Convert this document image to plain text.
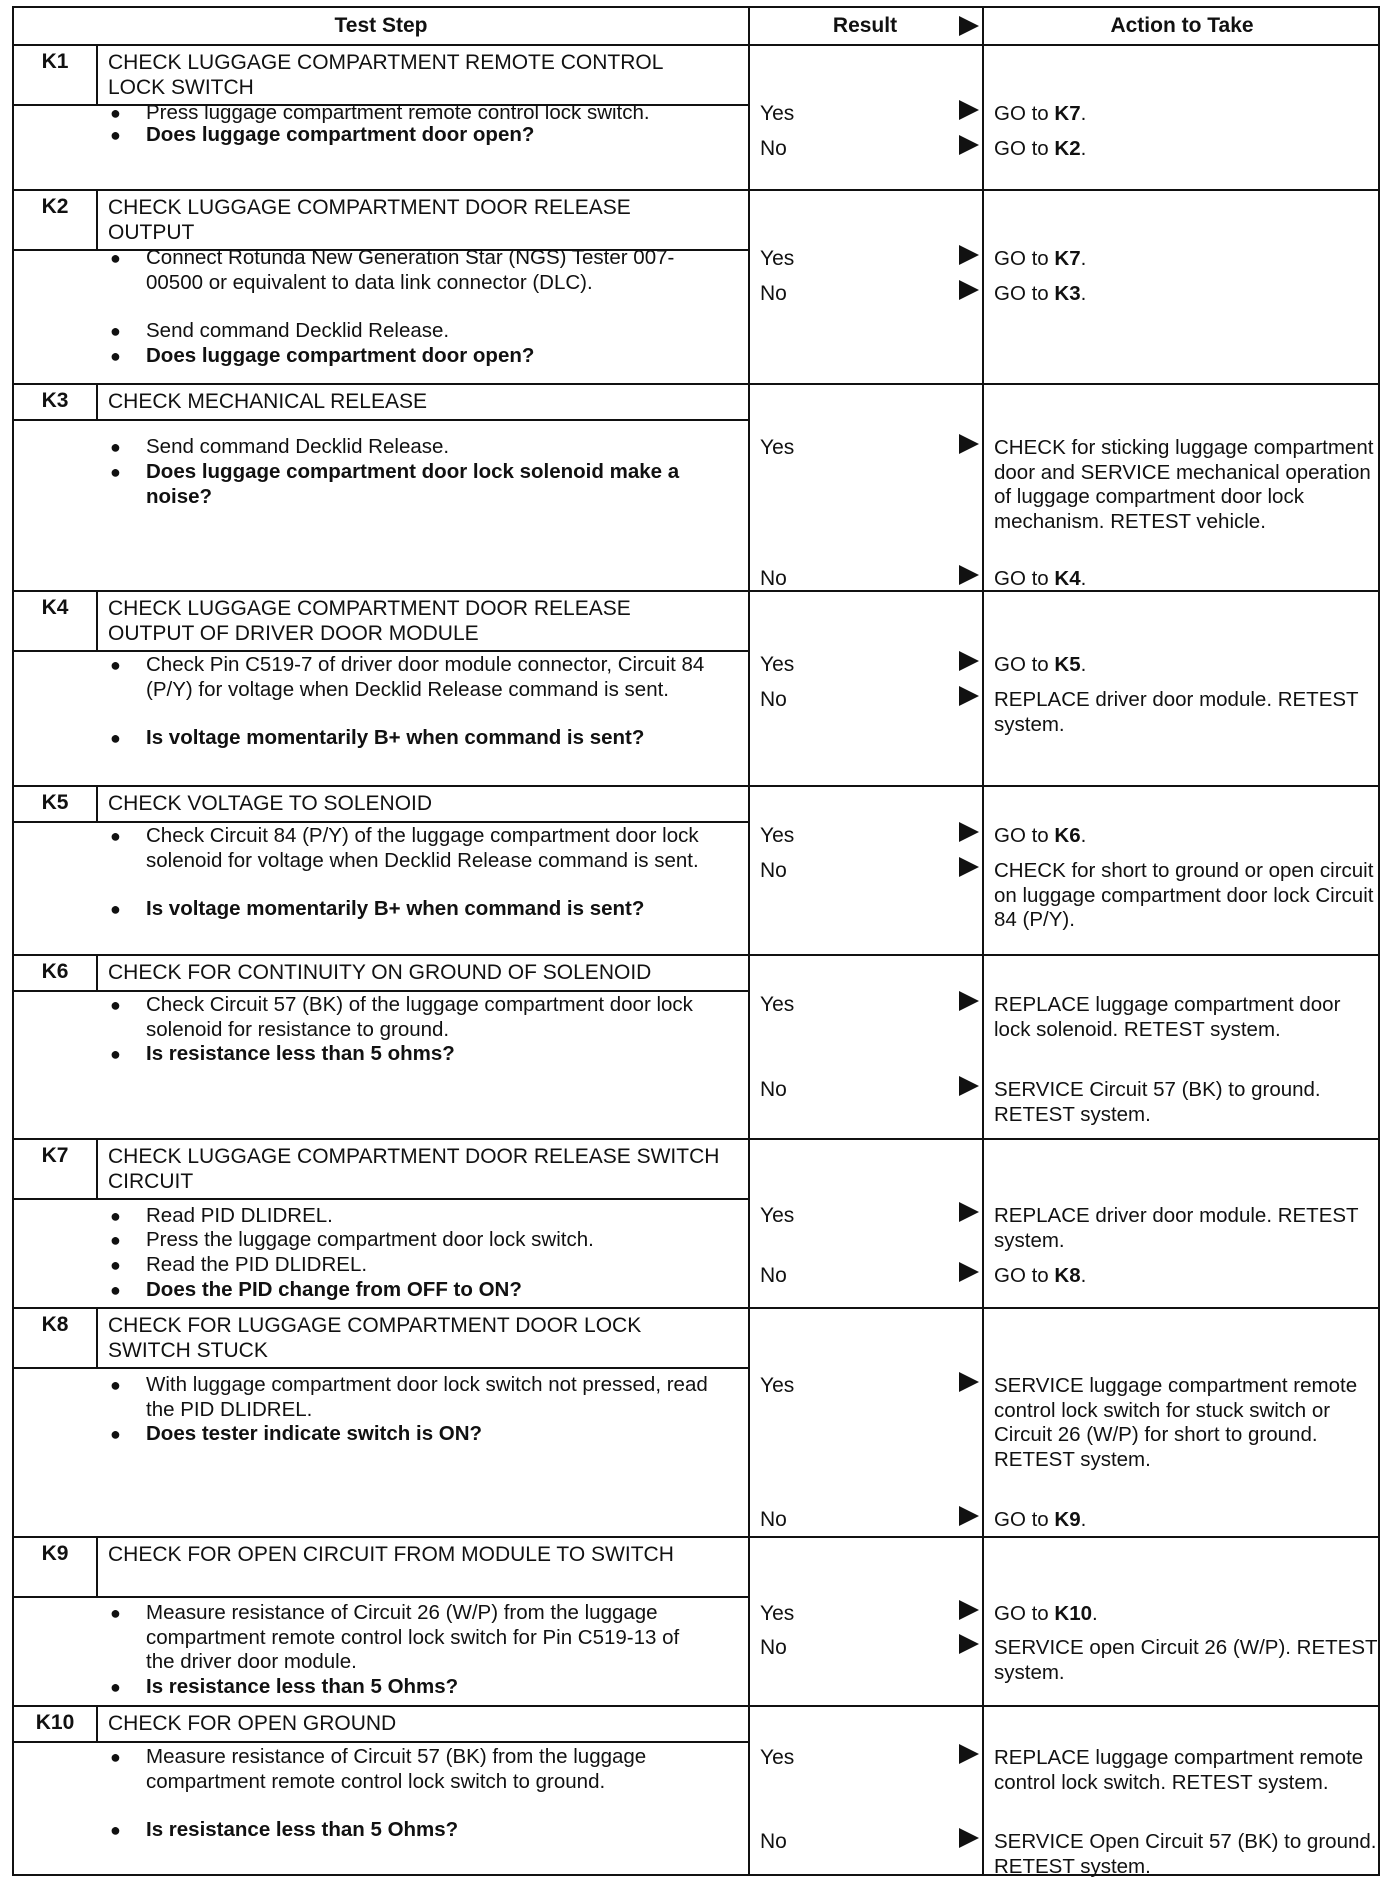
Test Step	Result	Action to Take
K1	CHECK LUGGAGE COMPARTMENT REMOTE CONTROL LOCK SWITCH
● Press luggage compartment remote control lock switch.
● Does luggage compartment door open?
Yes	GO to K7.
No	GO to K2.
K2	CHECK LUGGAGE COMPARTMENT DOOR RELEASE OUTPUT
● Connect Rotunda New Generation Star (NGS) Tester 007-00500 or equivalent to data link connector (DLC).
● Send command Decklid Release.
● Does luggage compartment door open?
Yes	GO to K7.
No	GO to K3.
K3	CHECK MECHANICAL RELEASE
● Send command Decklid Release.
● Does luggage compartment door lock solenoid make a noise?
Yes	CHECK for sticking luggage compartment door and SERVICE mechanical operation of luggage compartment door lock mechanism. RETEST vehicle.
No	GO to K4.
K4	CHECK LUGGAGE COMPARTMENT DOOR RELEASE OUTPUT OF DRIVER DOOR MODULE
● Check Pin C519-7 of driver door module connector, Circuit 84 (P/Y) for voltage when Decklid Release command is sent.
● Is voltage momentarily B+ when command is sent?
Yes	GO to K5.
No	REPLACE driver door module. RETEST system.
K5	CHECK VOLTAGE TO SOLENOID
● Check Circuit 84 (P/Y) of the luggage compartment door lock solenoid for voltage when Decklid Release command is sent.
● Is voltage momentarily B+ when command is sent?
Yes	GO to K6.
No	CHECK for short to ground or open circuit on luggage compartment door lock Circuit 84 (P/Y).
K6	CHECK FOR CONTINUITY ON GROUND OF SOLENOID
● Check Circuit 57 (BK) of the luggage compartment door lock solenoid for resistance to ground.
● Is resistance less than 5 ohms?
Yes	REPLACE luggage compartment door lock solenoid. RETEST system.
No	SERVICE Circuit 57 (BK) to ground. RETEST system.
K7	CHECK LUGGAGE COMPARTMENT DOOR RELEASE SWITCH CIRCUIT
● Read PID DLIDREL.
● Press the luggage compartment door lock switch.
● Read the PID DLIDREL.
● Does the PID change from OFF to ON?
Yes	REPLACE driver door module. RETEST system.
No	GO to K8.
K8	CHECK FOR LUGGAGE COMPARTMENT DOOR LOCK SWITCH STUCK
● With luggage compartment door lock switch not pressed, read the PID DLIDREL.
● Does tester indicate switch is ON?
Yes	SERVICE luggage compartment remote control lock switch for stuck switch or Circuit 26 (W/P) for short to ground. RETEST system.
No	GO to K9.
K9	CHECK FOR OPEN CIRCUIT FROM MODULE TO SWITCH
● Measure resistance of Circuit 26 (W/P) from the luggage compartment remote control lock switch for Pin C519-13 of the driver door module.
● Is resistance less than 5 Ohms?
Yes	GO to K10.
No	SERVICE open Circuit 26 (W/P). RETEST system.
K10	CHECK FOR OPEN GROUND
● Measure resistance of Circuit 57 (BK) from the luggage compartment remote control lock switch to ground.
● Is resistance less than 5 Ohms?
Yes	REPLACE luggage compartment remote control lock switch. RETEST system.
No	SERVICE Open Circuit 57 (BK) to ground. RETEST system.
